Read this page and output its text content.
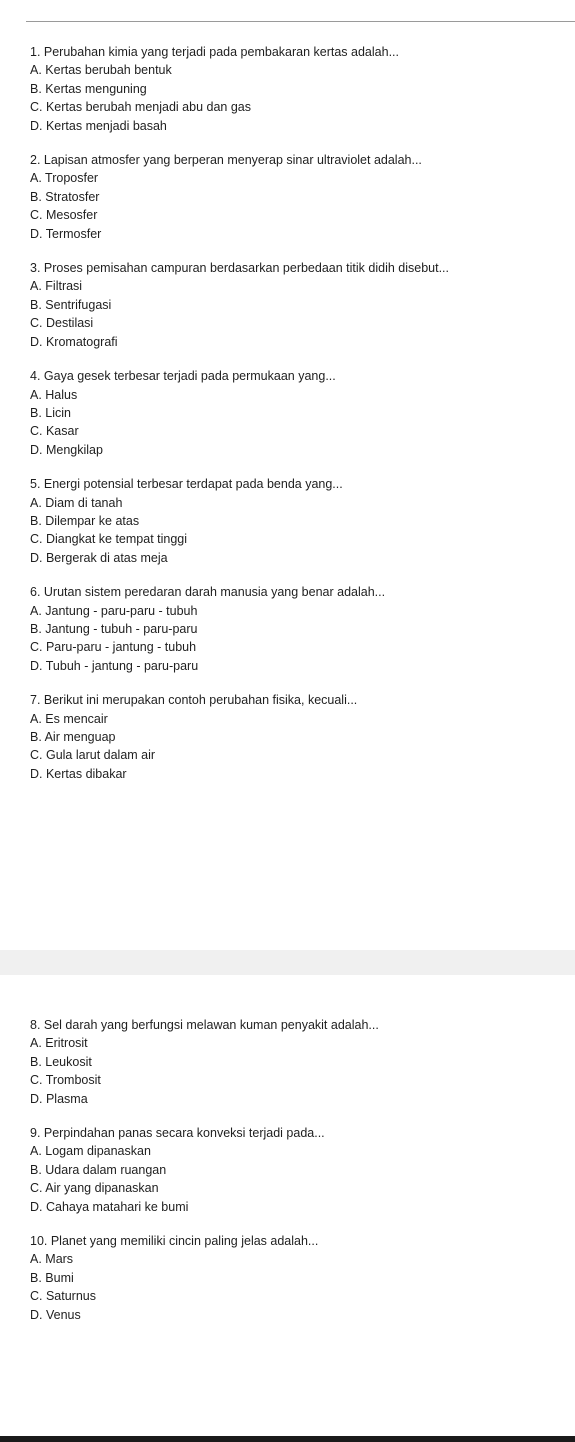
1. Perubahan kimia yang terjadi pada pembakaran kertas adalah...
A. Kertas berubah bentuk
B. Kertas menguning
C. Kertas berubah menjadi abu dan gas
D. Kertas menjadi basah
2. Lapisan atmosfer yang berperan menyerap sinar ultraviolet adalah...
A. Troposfer
B. Stratosfer
C. Mesosfer
D. Termosfer
3. Proses pemisahan campuran berdasarkan perbedaan titik didih disebut...
A. Filtrasi
B. Sentrifugasi
C. Destilasi
D. Kromatografi
4. Gaya gesek terbesar terjadi pada permukaan yang...
A. Halus
B. Licin
C. Kasar
D. Mengkilap
5. Energi potensial terbesar terdapat pada benda yang...
A. Diam di tanah
B. Dilempar ke atas
C. Diangkat ke tempat tinggi
D. Bergerak di atas meja
6. Urutan sistem peredaran darah manusia yang benar adalah...
A. Jantung - paru-paru - tubuh
B. Jantung - tubuh - paru-paru
C. Paru-paru - jantung - tubuh
D. Tubuh - jantung - paru-paru
7. Berikut ini merupakan contoh perubahan fisika, kecuali...
A. Es mencair
B. Air menguap
C. Gula larut dalam air
D. Kertas dibakar
8. Sel darah yang berfungsi melawan kuman penyakit adalah...
A. Eritrosit
B. Leukosit
C. Trombosit
D. Plasma
9. Perpindahan panas secara konveksi terjadi pada...
A. Logam dipanaskan
B. Udara dalam ruangan
C. Air yang dipanaskan
D. Cahaya matahari ke bumi
10. Planet yang memiliki cincin paling jelas adalah...
A. Mars
B. Bumi
C. Saturnus
D. Venus
